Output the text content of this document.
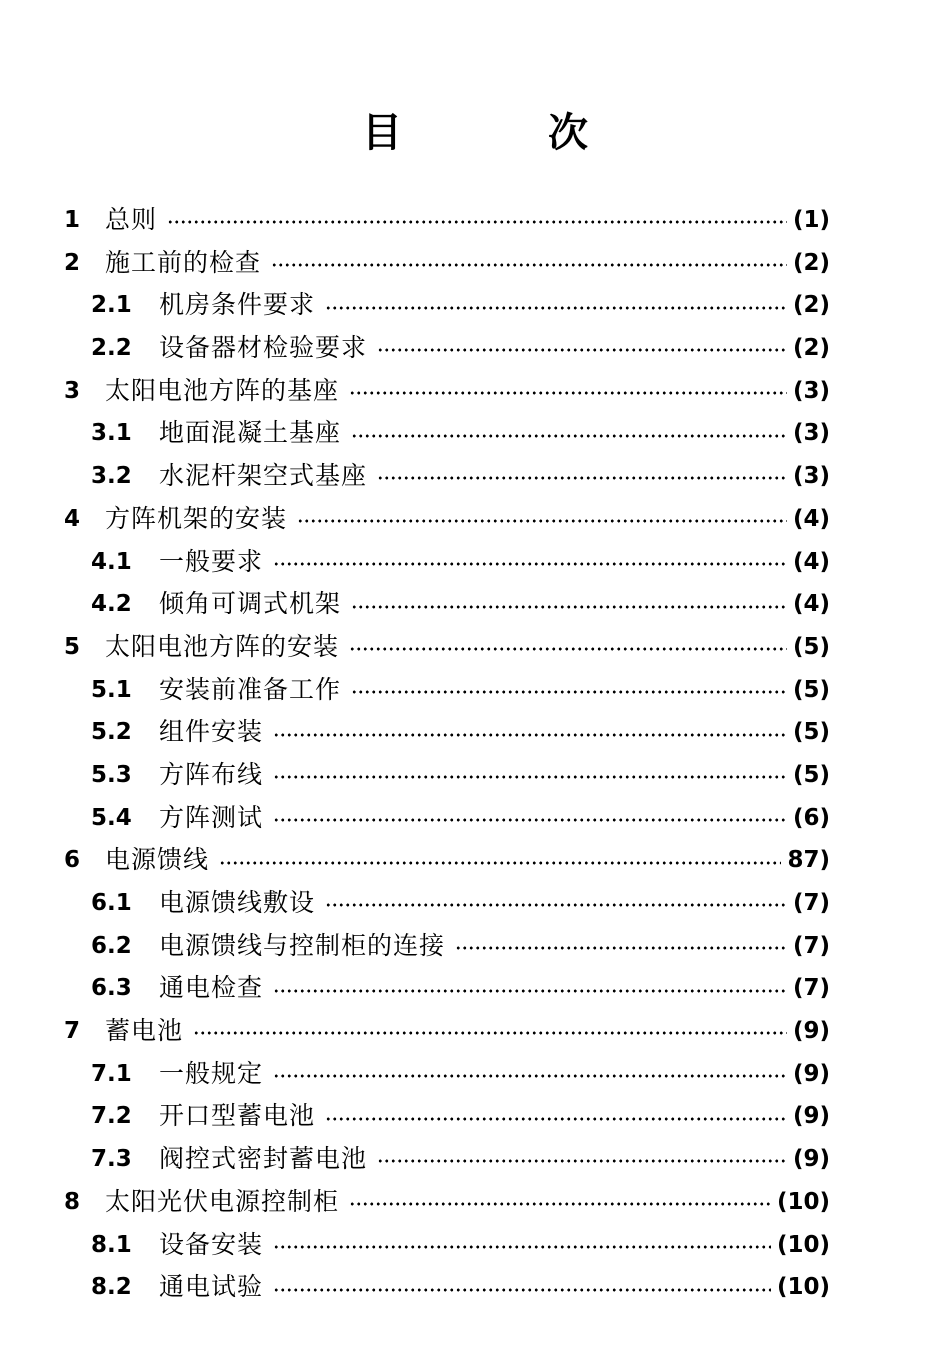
目 次
1 总则	(1)
2 施工前的检查	(2)
2.1	机房条件要求	(2)
2.2	设备器材检验要求	(2)
3 太阳电池方阵的基座	(3)
3.1	地面混凝土基座	(3)
3.2	水泥杆架空式基座	(3)
4 方阵机架的安装	(4)
4.1	一般要求	(4)
4.2	倾角可调式机架	(4)
5 太阳电池方阵的安装	(5)
5.1	安装前准备工作	(5)
5.2	组件安装	(5)
5.3	方阵布线	(5)
5.4	方阵测试	(6)
6 电源馈线	87)
6.1	电源馈线敷设	(7)
6.2	电源馈线与控制柜的连接	(7)
6.3	通电检查	(7)
7 蓄电池	(9)
7.1	一般规定	(9)
7.2	开口型蓄电池	(9)
7.3	阀控式密封蓄电池	(9)
8 太阳光伏电源控制柜	(10)
8.1	设备安装	(10)
8.2	通电试验	(10)
